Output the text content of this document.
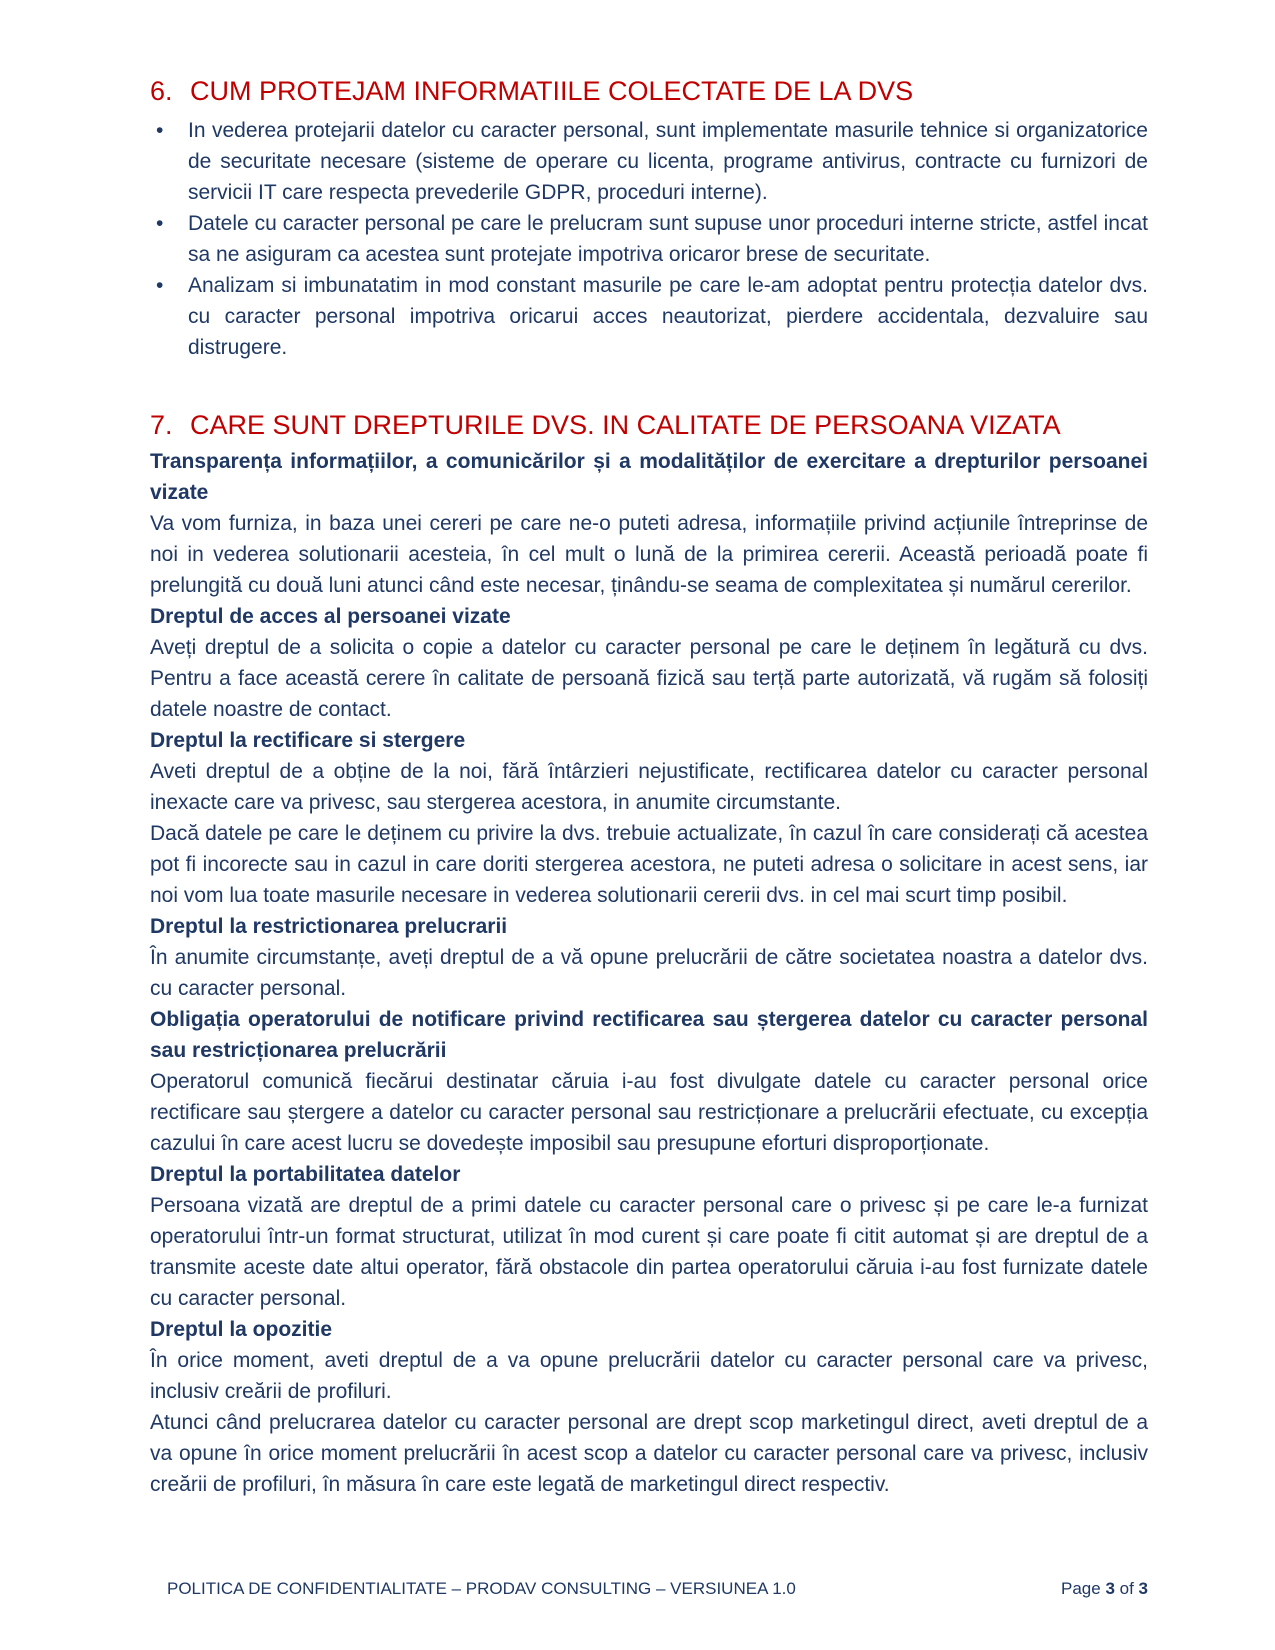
6. CUM PROTEJAM INFORMATIILE COLECTATE DE LA DVS
• In vederea protejarii datelor cu caracter personal, sunt implementate masurile tehnice si organizatorice de securitate necesare (sisteme de operare cu licenta, programe antivirus, contracte cu furnizori de servicii IT care respecta prevederile GDPR, proceduri interne).
• Datele cu caracter personal pe care le prelucram sunt supuse unor proceduri interne stricte, astfel incat sa ne asiguram ca acestea sunt protejate impotriva oricaror brese de securitate.
• Analizam si imbunatatim in mod constant masurile pe care le-am adoptat pentru protecția datelor dvs. cu caracter personal impotriva oricarui acces neautorizat, pierdere accidentala, dezvaluire sau distrugere.
7. CARE SUNT DREPTURILE DVS. IN CALITATE DE PERSOANA VIZATA

Transparența informațiilor, a comunicărilor și a modalităților de exercitare a drepturilor persoanei vizate

Va vom furniza, in baza unei cereri pe care ne-o puteti adresa, informațiile privind acțiunile întreprinse de noi in vederea solutionarii acesteia, în cel mult o lună de la primirea cererii. Această perioadă poate fi prelungită cu două luni atunci când este necesar, ținându-se seama de complexitatea și numărul cererilor.

Dreptul de acces al persoanei vizate

Aveți dreptul de a solicita o copie a datelor cu caracter personal pe care le deținem în legătură cu dvs. Pentru a face această cerere în calitate de persoană fizică sau terță parte autorizată, vă rugăm să folosiți datele noastre de contact.

Dreptul la rectificare si stergere

Aveti dreptul de a obține de la noi, fără întârzieri nejustificate, rectificarea datelor cu caracter personal inexacte care va privesc, sau stergerea acestora, in anumite circumstante.

Dacă datele pe care le deținem cu privire la dvs. trebuie actualizate, în cazul în care considerați că acestea pot fi incorecte sau in cazul in care doriti stergerea acestora, ne puteti adresa o solicitare in acest sens, iar noi vom lua toate masurile necesare in vederea solutionarii cererii dvs. in cel mai scurt timp posibil.

Dreptul la restrictionarea prelucrarii

În anumite circumstanțe, aveți dreptul de a vă opune prelucrării de către societatea noastra a datelor dvs. cu caracter personal.

Obligația operatorului de notificare privind rectificarea sau ștergerea datelor cu caracter personal sau restricționarea prelucrării

Operatorul comunică fiecărui destinatar căruia i-au fost divulgate datele cu caracter personal orice rectificare sau ștergere a datelor cu caracter personal sau restricționare a prelucrării efectuate, cu excepția cazului în care acest lucru se dovedește imposibil sau presupune eforturi disproporționate.

Dreptul la portabilitatea datelor

Persoana vizată are dreptul de a primi datele cu caracter personal care o privesc și pe care le-a furnizat operatorului într-un format structurat, utilizat în mod curent și care poate fi citit automat și are dreptul de a transmite aceste date altui operator, fără obstacole din partea operatorului căruia i-au fost furnizate datele cu caracter personal.

Dreptul la opozitie

În orice moment, aveti dreptul de a va opune prelucrării datelor cu caracter personal care va privesc, inclusiv creării de profiluri.

Atunci când prelucrarea datelor cu caracter personal are drept scop marketingul direct, aveti dreptul de a va opune în orice moment prelucrării în acest scop a datelor cu caracter personal care va privesc, inclusiv creării de profiluri, în măsura în care este legată de marketingul direct respectiv.

POLITICA DE CONFIDENTIALITATE – PRODAV CONSULTING – VERSIUNEA 1.0	Page 3 of 3
